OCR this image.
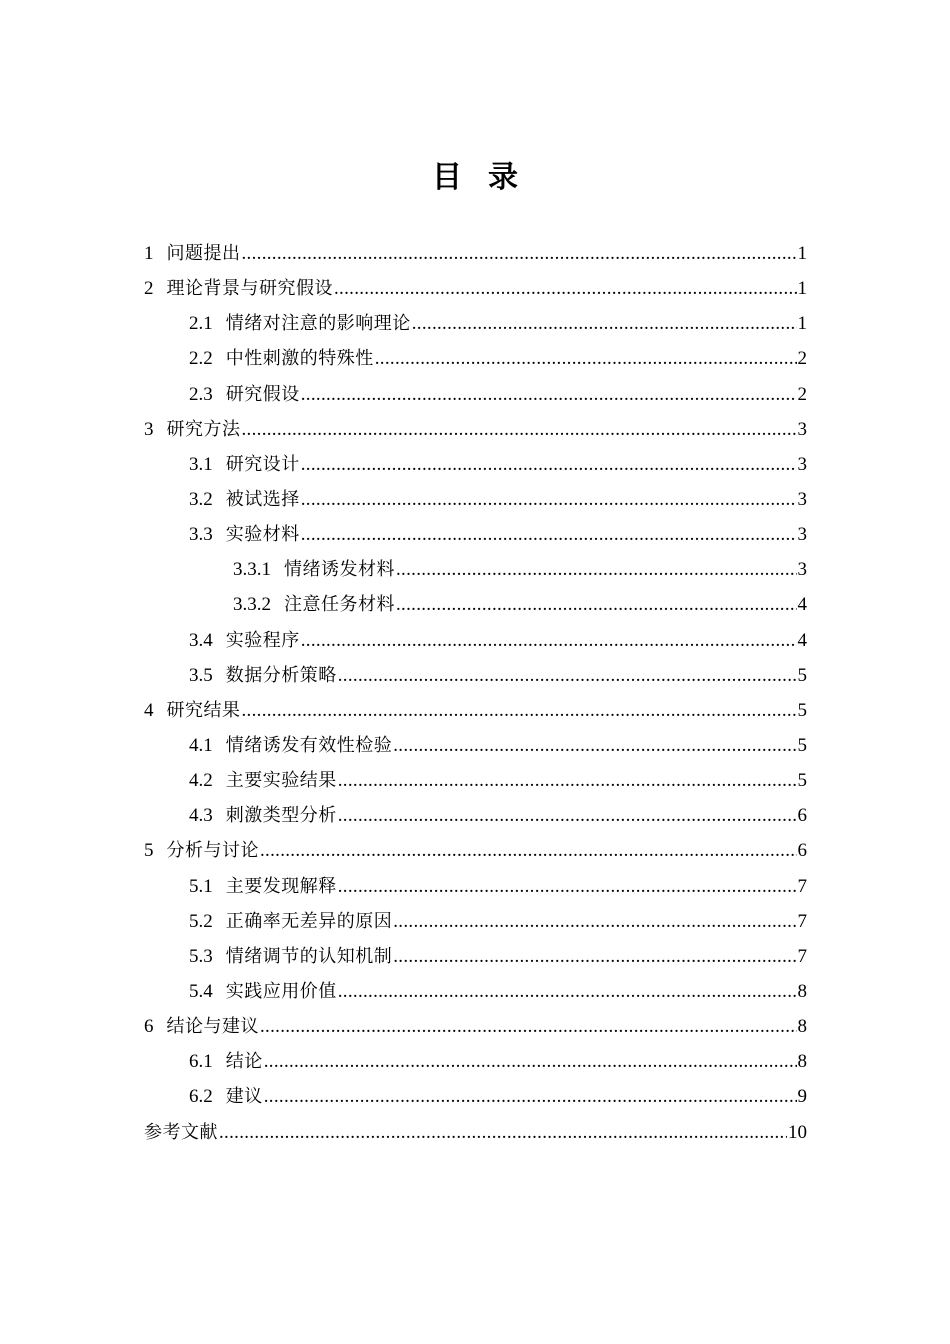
目录
1 问题提出 .....	1
2 理论背景与研究假设 .....	1
2.1 情绪对注意的影响理论 .....	1
2.2 中性刺激的特殊性 .....	2
2.3 研究假设 .....	2
3 研究方法 .....	3
3.1 研究设计 .....	3
3.2 被试选择 .....	3
3.3 实验材料 .....	3
3.3.1 情绪诱发材料 .....	3
3.3.2 注意任务材料 .....	4
3.4 实验程序 .....	4
3.5 数据分析策略 .....	5
4 研究结果 .....	5
4.1 情绪诱发有效性检验 .....	5
4.2 主要实验结果 .....	5
4.3 刺激类型分析 .....	6
5 分析与讨论 .....	6
5.1 主要发现解释 .....	7
5.2 正确率无差异的原因 .....	7
5.3 情绪调节的认知机制 .....	7
5.4 实践应用价值 .....	8
6 结论与建议 .....	8
6.1 结论 .....	8
6.2 建议 .....	9
参考文献 .....	10
